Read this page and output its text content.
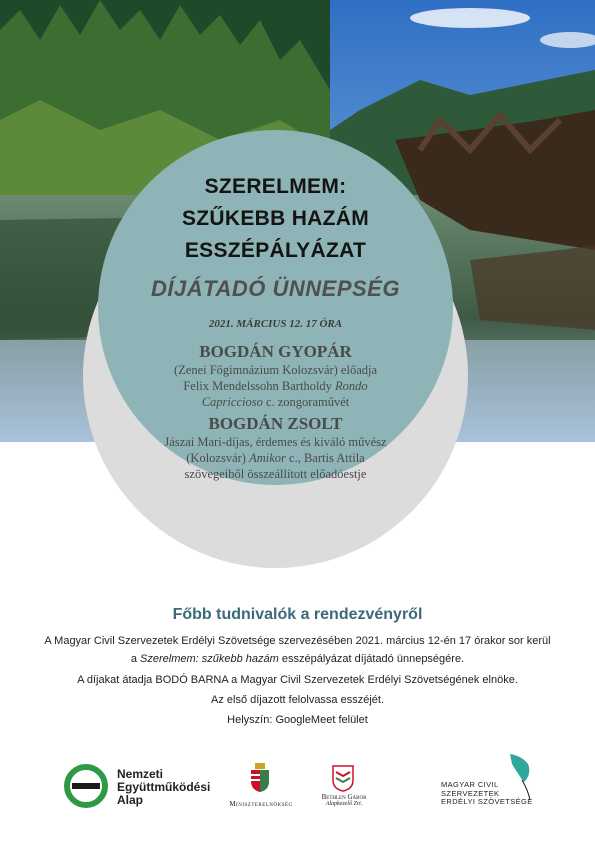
SZERELMEM:
SZŰKEBB HAZÁM
ESSZÉPÁLYÁZAT
DÍJÁTADÓ ÜNNEPSÉG
2021. MÁRCIUS 12. 17 ÓRA
BOGDÁN GYOPÁR
(Zenei Főgimnázium Kolozsvár) előadja Felix Mendelssohn Bartholdy Rondo Capriccioso c. zongoraművét
BOGDÁN ZSOLT
Jászai Mari-díjas, érdemes és kiváló művész (Kolozsvár) Amikor c., Bartis Attila szövegeiből összeállított előadóestje
Főbb tudnivalók a rendezvényről
A Magyar Civil Szervezetek Erdélyi Szövetsége szervezésében 2021. március 12-én 17 órakor sor kerül a Szerelmem: szűkebb hazám esszépályázat díjátadó ünnepségére.
A díjakat átadja BODÓ BARNA a Magyar Civil Szervezetek Erdélyi Szövetségének elnöke.
Az első díjazott felolvassa esszéjét.
Helyszín: GoogleMeet felület
Nemzeti
Együttműködési
Alap	Miniszterelnökség
Bethlen Gábor
Alapkezelő Zrt.
MAGYAR CIVIL
SZERVEZETEK
ERDÉLYI SZÖVETSÉGE
